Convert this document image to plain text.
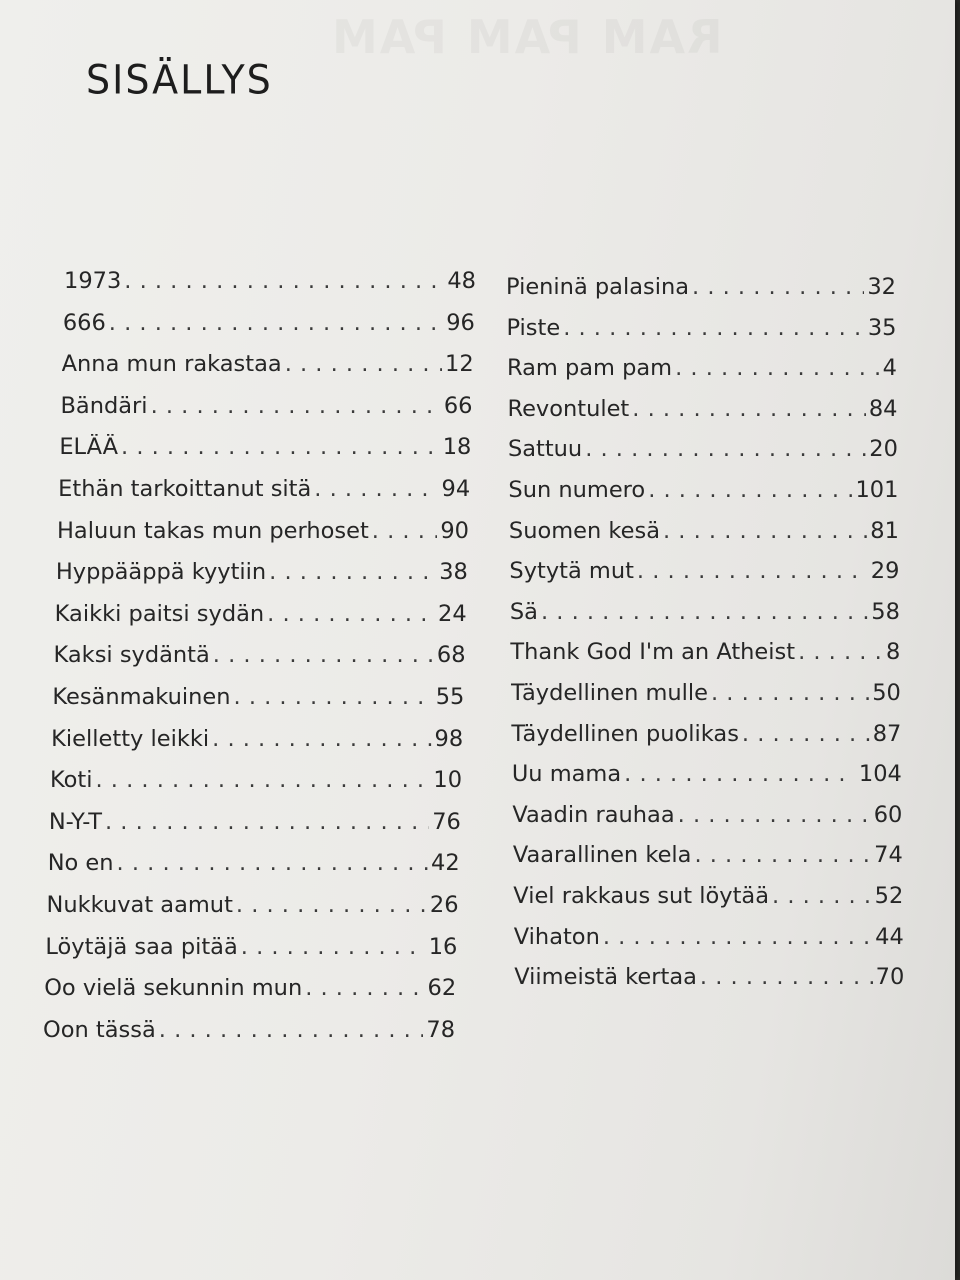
SISÄLLYS
1973 . . .	48
666 . . .	96
Anna mun rakastaa . . .	12
Bändäri . . .	66
ELÄÄ . . .	18
Ethän tarkoittanut sitä . . .	94
Haluun takas mun perhoset . . .	90
Hyppääppä kyytiin . . .	38
Kaikki paitsi sydän . . .	24
Kaksi sydäntä . . .	68
Kesänmakuinen . . .	55
Kielletty leikki . . .	98
Koti . . .	10
N-Y-T . . .	76
No en . . .	42
Nukkuvat aamut . . .	26
Löytäjä saa pitää . . .	16
Oo vielä sekunnin mun . . .	62
Oon tässä . . .	78
Pieninä palasina . . .	32
Piste . . .	35
Ram pam pam . . .	4
Revontulet . . .	84
Sattuu . . .	20
Sun numero . . .	101
Suomen kesä . . .	81
Sytytä mut . . .	29
Sä . . .	58
Thank God I'm an Atheist . . .	8
Täydellinen mulle . . .	50
Täydellinen puolikas . . .	87
Uu mama . . .	104
Vaadin rauhaa . . .	60
Vaarallinen kela . . .	74
Viel rakkaus sut löytää . . .	52
Vihaton . . .	44
Viimeistä kertaa . . .	70
